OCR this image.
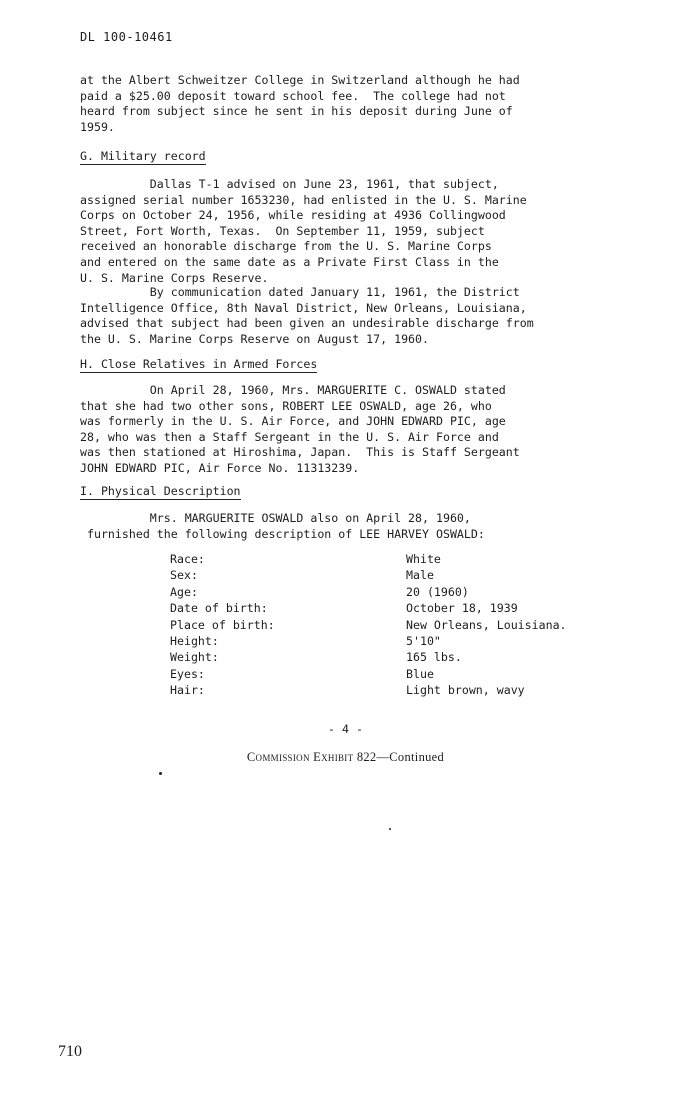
DL 100-10461

at the Albert Schweitzer College in Switzerland although he had

paid a $25.00 deposit toward school fee.  The college had not

heard from subject since he sent in his deposit during June of

1959.

G. Military record

Dallas T-1 advised on June 23, 1961, that subject,

assigned serial number 1653230, had enlisted in the U. S. Marine

Corps on October 24, 1956, while residing at 4936 Collingwood

Street, Fort Worth, Texas.  On September 11, 1959, subject

received an honorable discharge from the U. S. Marine Corps

and entered on the same date as a Private First Class in the

U. S. Marine Corps Reserve.

By communication dated January 11, 1961, the District

Intelligence Office, 8th Naval District, New Orleans, Louisiana,

advised that subject had been given an undesirable discharge from

the U. S. Marine Corps Reserve on August 17, 1960.

H. Close Relatives in Armed Forces

On April 28, 1960, Mrs. MARGUERITE C. OSWALD stated

that she had two other sons, ROBERT LEE OSWALD, age 26, who

was formerly in the U. S. Air Force, and JOHN EDWARD PIC, age

28, who was then a Staff Sergeant in the U. S. Air Force and

was then stationed at Hiroshima, Japan.  This is Staff Sergeant

JOHN EDWARD PIC, Air Force No. 11313239.

I. Physical Description

Mrs. MARGUERITE OSWALD also on April 28, 1960,

furnished the following description of LEE HARVEY OSWALD:

Race:	White
Sex:	Male
Age:	20 (1960)
Date of birth:	October 18, 1939
Place of birth:	New Orleans, Louisiana.
Height:	5'10"
Weight:	165 lbs.
Eyes:	Blue
Hair:	Light brown, wavy
- 4 -
Commission Exhibit 822—Continued
710
